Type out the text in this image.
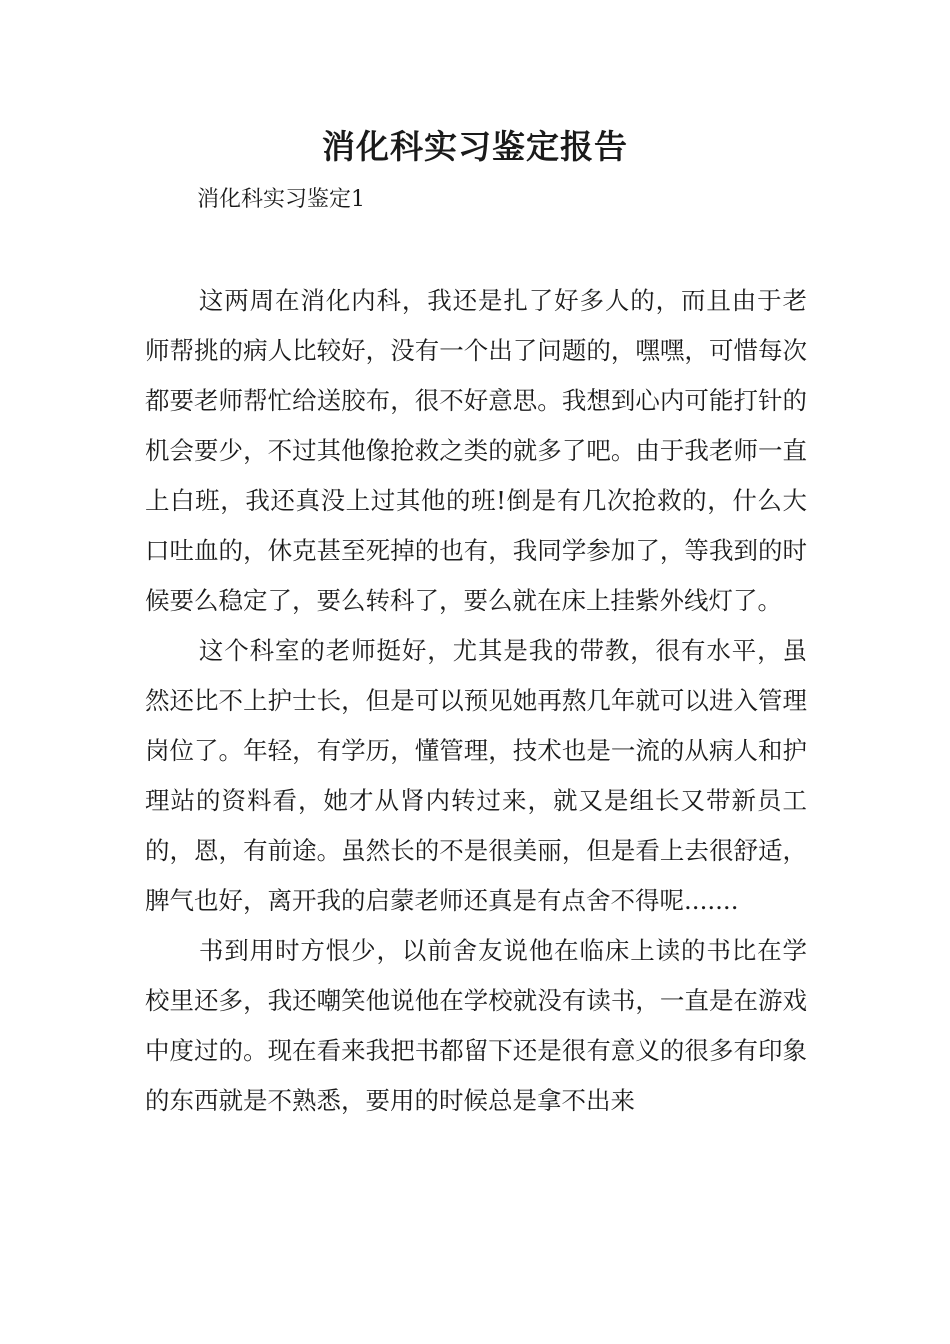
消化科实习鉴定报告
消化科实习鉴定1

这两周在消化内科，我还是扎了好多人的，而且由于老师帮挑的病人比较好，没有一个出了问题的，嘿嘿，可惜每次都要老师帮忙给送胶布，很不好意思。我想到心内可能打针的机会要少，不过其他像抢救之类的就多了吧。由于我老师一直上白班，我还真没上过其他的班!倒是有几次抢救的，什么大口吐血的，休克甚至死掉的也有，我同学参加了，等我到的时候要么稳定了，要么转科了，要么就在床上挂紫外线灯了。

这个科室的老师挺好，尤其是我的带教，很有水平，虽然还比不上护士长，但是可以预见她再熬几年就可以进入管理岗位了。年轻，有学历，懂管理，技术也是一流的从病人和护理站的资料看，她才从肾内转过来，就又是组长又带新员工的，恩，有前途。虽然长的不是很美丽，但是看上去很舒适，脾气也好，离开我的启蒙老师还真是有点舍不得呢.......

书到用时方恨少，以前舍友说他在临床上读的书比在学校里还多，我还嘲笑他说他在学校就没有读书，一直是在游戏中度过的。现在看来我把书都留下还是很有意义的很多有印象的东西就是不熟悉，要用的时候总是拿不出来
